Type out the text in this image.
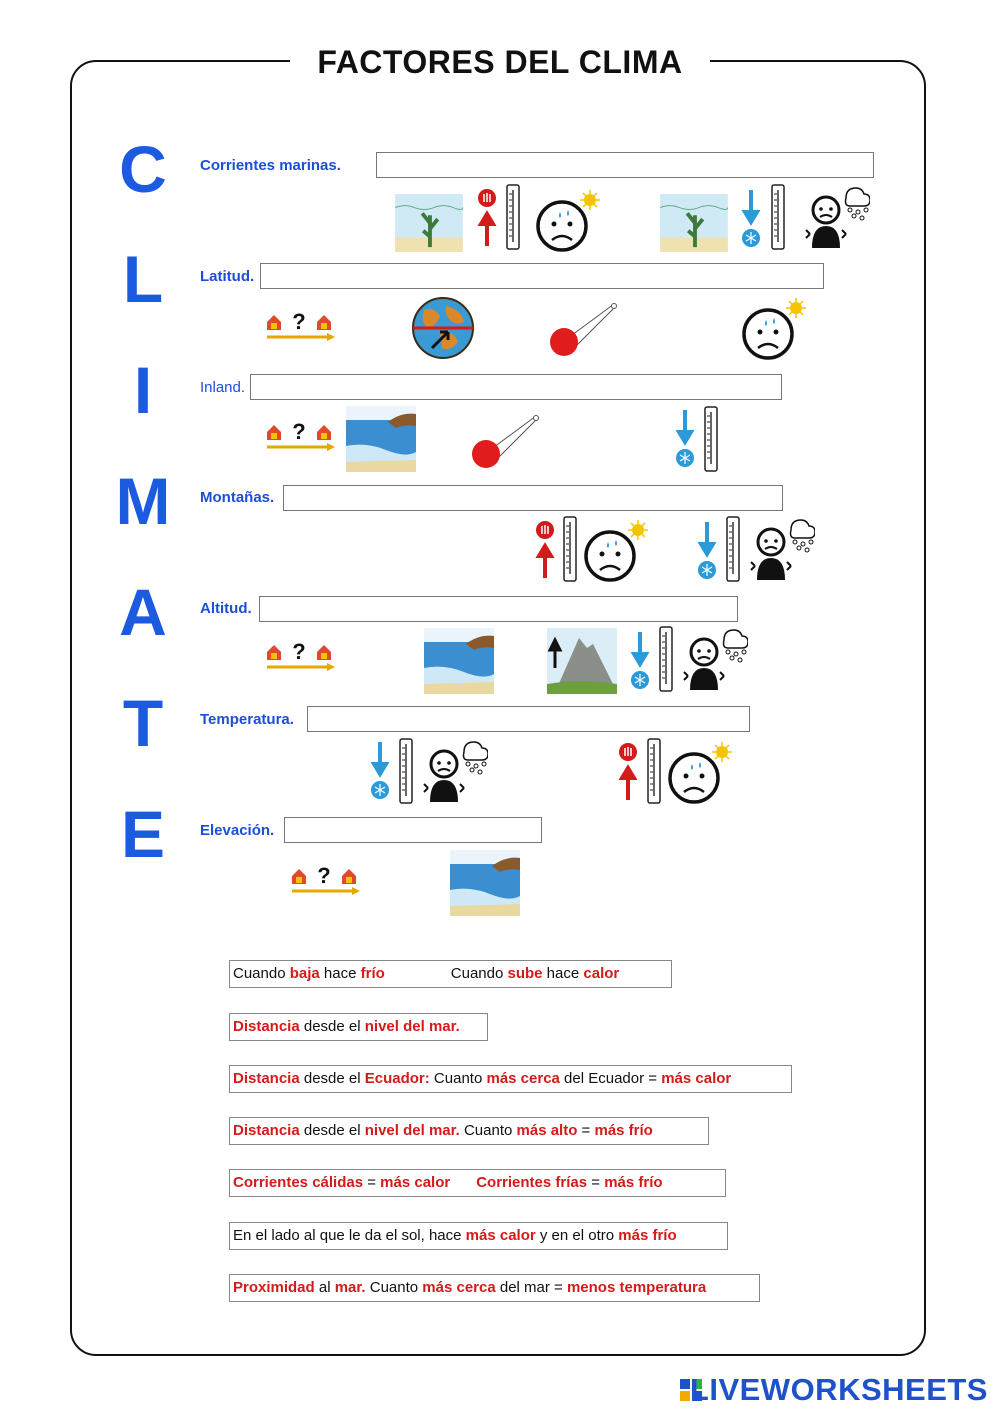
FACTORES DEL CLIMA
C
L
I
M
A
T
E
Corrientes marinas.
Latitud.
Inland.
Montañas.
Altitud.
Temperatura.
Elevación.
Cuando baja hace frío	Cuando sube hace calor
Distancia desde el nivel del mar.
Distancia desde el Ecuador: Cuanto más cerca del Ecuador = más calor
Distancia desde el nivel del mar. Cuanto más alto = más frío
Corrientes cálidas = más calor Corrientes frías = más frío
En el lado al que le da el sol, hace más calor y en el otro más frío
Proximidad al mar. Cuanto más cerca del mar = menos temperatura
LIVEWORKSHEETS
